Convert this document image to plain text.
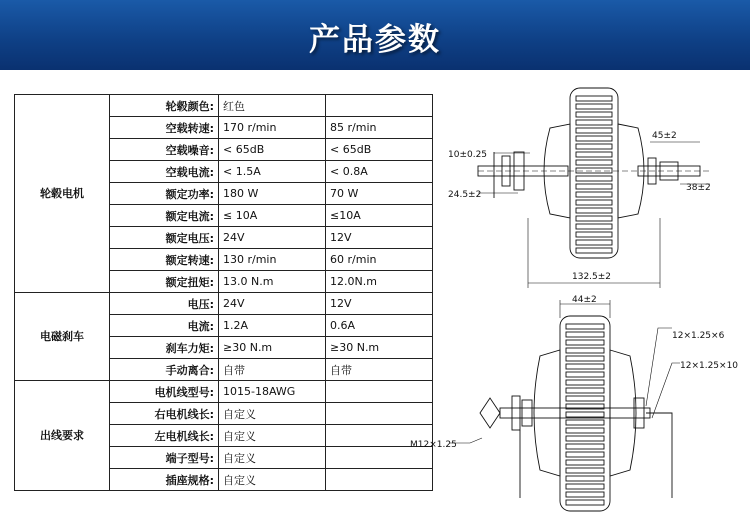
产品参数
轮毂电机	轮毂颜色:	红色	
	空载转速:	170 r/min	85 r/min
	空载噪音:	< 65dB	< 65dB
	空载电流:	< 1.5A	< 0.8A
	额定功率:	180 W	70 W
	额定电流:	≤ 10A	≤10A
	额定电压:	24V	12V
	额定转速:	130 r/min	60 r/min
	额定扭矩:	13.0 N.m	12.0N.m
电磁刹车	电压:	24V	12V
	电流:	1.2A	0.6A
	刹车力矩:	≥30 N.m	≥30 N.m
	手动离合:	自带	自带
出线要求	电机线型号:	1015-18AWG	
	右电机线长:	自定义	
	左电机线长:	自定义	
	端子型号:	自定义	
	插座规格:	自定义	
10±0.25
45±2
24.5±2
38±2
132.5±2
12×1.25×6
12×1.25×10
44±2
M12×1.25
